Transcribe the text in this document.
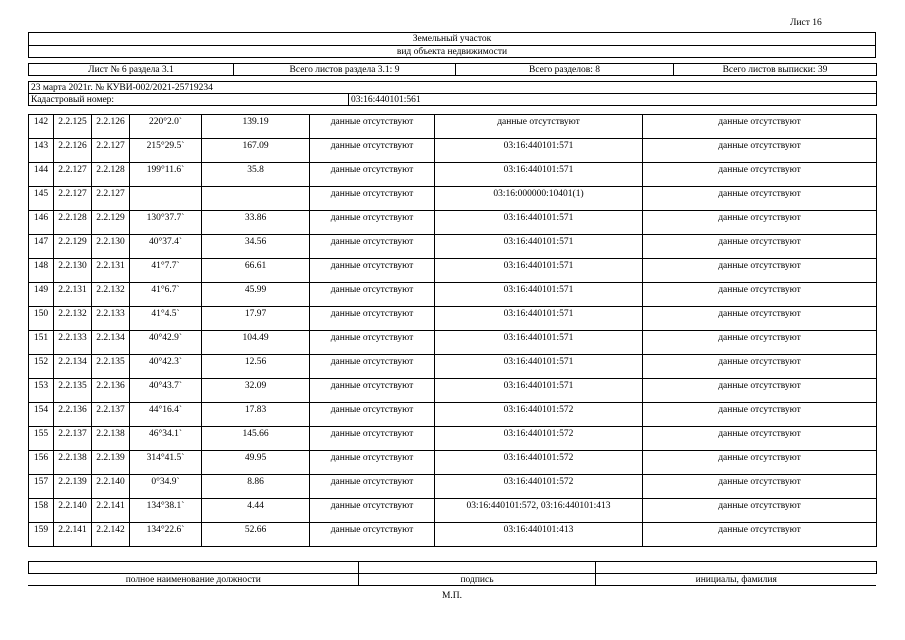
Лист 16
Земельный участок
вид объекта недвижимости
Лист № 6 раздела 3.1	Всего листов раздела 3.1: 9	Всего разделов: 8	Всего листов выписки: 39
23 марта 2021г. № КУВИ-002/2021-25719234
Кадастровый номер:	03:16:440101:561
142	2.2.125	2.2.126	220°2.0`	139.19	данные отсутствуют	данные отсутствуют	данные отсутствуют
143	2.2.126	2.2.127	215°29.5`	167.09	данные отсутствуют	03:16:440101:571	данные отсутствуют
144	2.2.127	2.2.128	199°11.6`	35.8	данные отсутствуют	03:16:440101:571	данные отсутствуют
145	2.2.127	2.2.127			данные отсутствуют	03:16:000000:10401(1)	данные отсутствуют
146	2.2.128	2.2.129	130°37.7`	33.86	данные отсутствуют	03:16:440101:571	данные отсутствуют
147	2.2.129	2.2.130	40°37.4`	34.56	данные отсутствуют	03:16:440101:571	данные отсутствуют
148	2.2.130	2.2.131	41°7.7`	66.61	данные отсутствуют	03:16:440101:571	данные отсутствуют
149	2.2.131	2.2.132	41°6.7`	45.99	данные отсутствуют	03:16:440101:571	данные отсутствуют
150	2.2.132	2.2.133	41°4.5`	17.97	данные отсутствуют	03:16:440101:571	данные отсутствуют
151	2.2.133	2.2.134	40°42.9`	104.49	данные отсутствуют	03:16:440101:571	данные отсутствуют
152	2.2.134	2.2.135	40°42.3`	12.56	данные отсутствуют	03:16:440101:571	данные отсутствуют
153	2.2.135	2.2.136	40°43.7`	32.09	данные отсутствуют	03:16:440101:571	данные отсутствуют
154	2.2.136	2.2.137	44°16.4`	17.83	данные отсутствуют	03:16:440101:572	данные отсутствуют
155	2.2.137	2.2.138	46°34.1`	145.66	данные отсутствуют	03:16:440101:572	данные отсутствуют
156	2.2.138	2.2.139	314°41.5`	49.95	данные отсутствуют	03:16:440101:572	данные отсутствуют
157	2.2.139	2.2.140	0°34.9`	8.86	данные отсутствуют	03:16:440101:572	данные отсутствуют
158	2.2.140	2.2.141	134°38.1`	4.44	данные отсутствуют	03:16:440101:572, 03:16:440101:413	данные отсутствуют
159	2.2.141	2.2.142	134°22.6`	52.66	данные отсутствуют	03:16:440101:413	данные отсутствуют

полное наименование должности	подпись	инициалы, фамилия
М.П.
